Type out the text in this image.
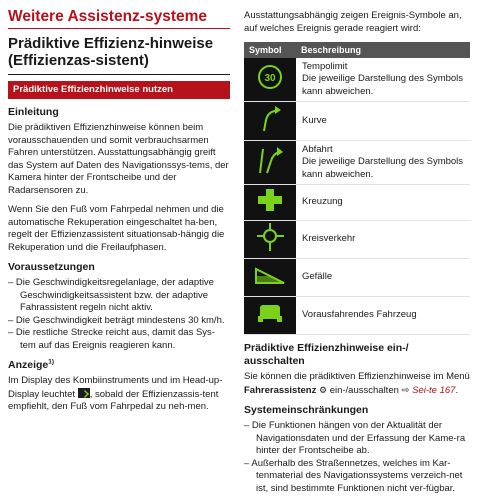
Weitere Assistenz-systeme
Prädiktive Effizienz-hinweise (Effizienzas-sistent)
Prädiktive Effizienzhinweise nutzen
Einleitung

Die prädiktiven Effizienzhinweise können beim vorausschauenden und somit verbrauchsarmen Fahren unterstützen. Ausstattungsabhängig greift das System auf Daten des Navigationssys-tems, der Kamera hinter der Frontscheibe und der Radarsensoren zu.

Wenn Sie den Fuß vom Fahrpedal nehmen und die automatische Rekuperation eingeschaltet ha-ben, regelt der Effizienzassistent situationsab-hängig die Rekuperation und die Freilaufphasen.

Voraussetzungen
– Die Geschwindigkeitsregelanlage, der adaptive Geschwindigkeitsassistent bzw. der adaptive Fahrassistent regeln nicht aktiv.
– Die Geschwindigkeit beträgt mindestens 30 km/h.
– Die restliche Strecke reicht aus, damit das Sys-tem auf das Ereignis reagieren kann.
Anzeige$^{1)}$

Im Display des Kombiinstruments und im Head-up-Display leuchtet , sobald der Effizienzassis-tent empfiehlt, den Fuß vom Fahrpedal zu neh-men.

Ausstattungsabhängig zeigen Ereignis-Symbole an, auf welches Ereignis gerade reagiert wird:

Symbol	Beschreibung

30	Tempolimit
Die jeweilige Darstellung des Symbols kann abweichen.

Kurve

Abfahrt
Die jeweilige Darstellung des Symbols kann abweichen.

Kreuzung

Kreisverkehr

Gefälle

Vorausfahrendes Fahrzeug
Prädiktive Effizienzhinweise ein-/ ausschalten

Sie können die prädiktiven Effizienzhinweise im Menü Fahrerassistenz ⚙ ein-/ausschalten ⇨ Sei-te 167.

Systemeinschränkungen
– Die Funktionen hängen von der Aktualität der Navigationsdaten und der Erfassung der Kame-ra hinter der Frontscheibe ab.
– Außerhalb des Straßennetzes, welches im Kar-tenmaterial des Navigationssystems verzeich-net ist, sind bestimmte Funktionen nicht ver-fügbar.
